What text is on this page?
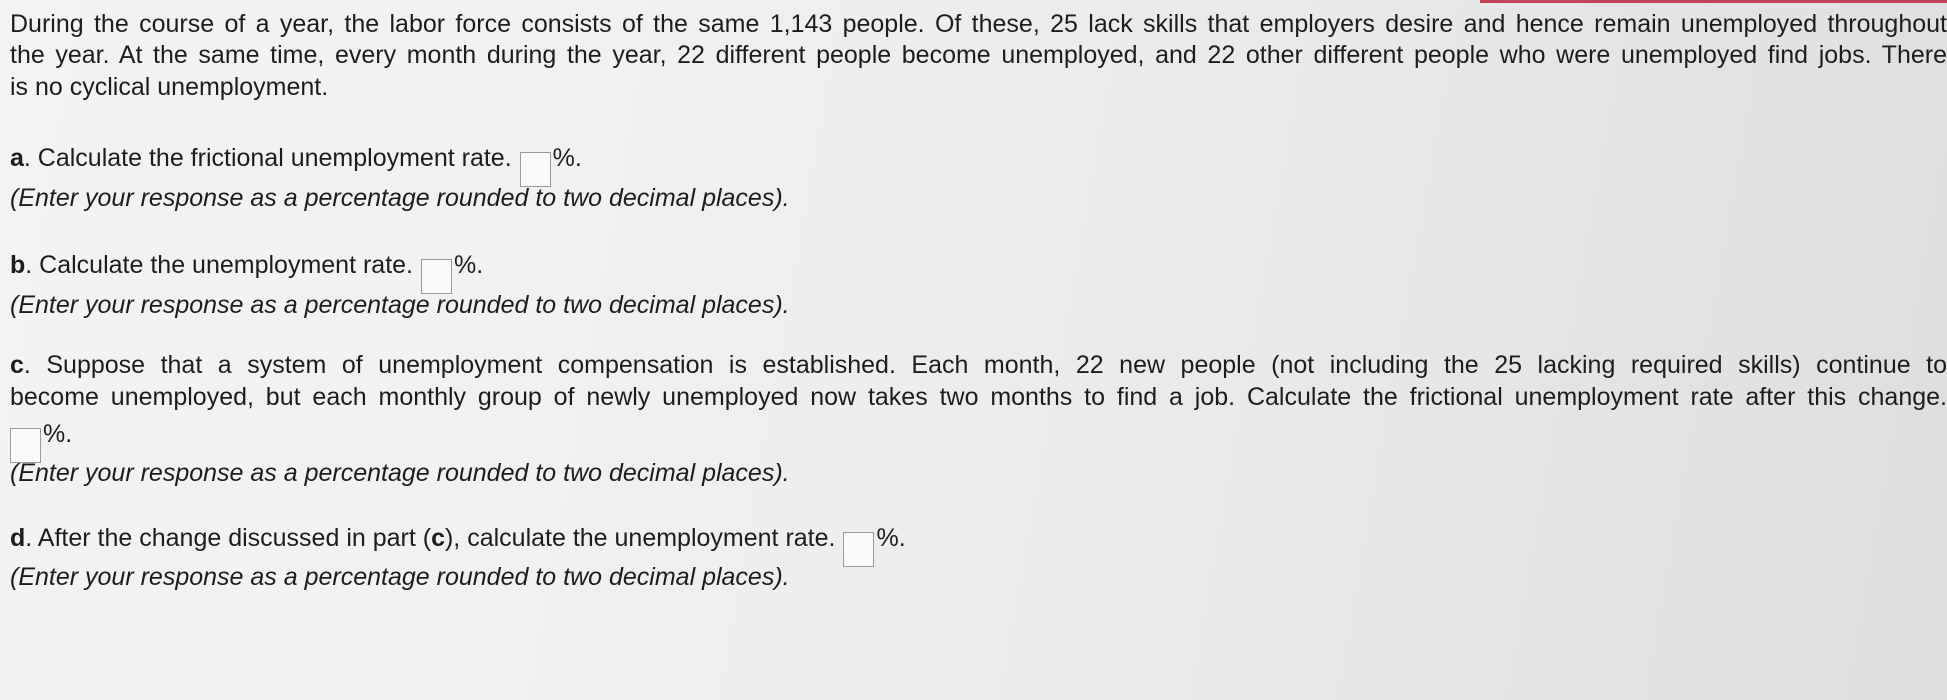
During the course of a year, the labor force consists of the same 1,143 people. Of these, 25 lack skills that employers desire and hence remain unemployed throughout
the year. At the same time, every month during the year, 22 different people become unemployed, and 22 other different people who were unemployed find jobs. There
is no cyclical unemployment.
a. Calculate the frictional unemployment rate. %.
(Enter your response as a percentage rounded to two decimal places).
b. Calculate the unemployment rate. %.
(Enter your response as a percentage rounded to two decimal places).
c. Suppose that a system of unemployment compensation is established. Each month, 22 new people (not including the 25 lacking required skills) continue to
become unemployed, but each monthly group of newly unemployed now takes two months to find a job. Calculate the frictional unemployment rate after this change.
%.
(Enter your response as a percentage rounded to two decimal places).
d. After the change discussed in part (c), calculate the unemployment rate. %.
(Enter your response as a percentage rounded to two decimal places).
